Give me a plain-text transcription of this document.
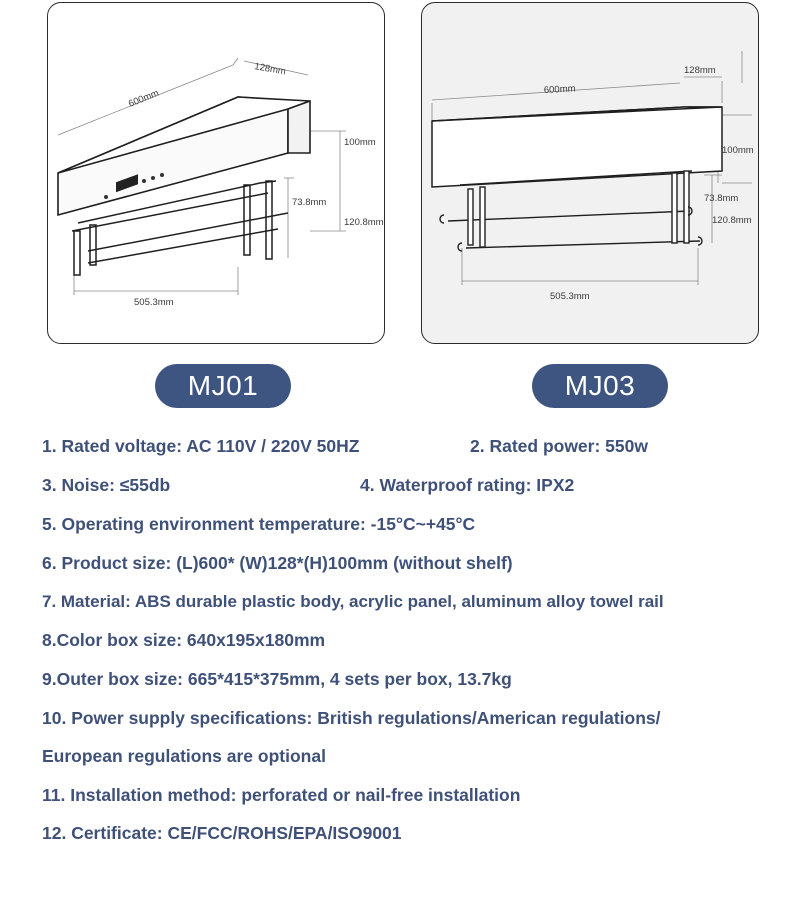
128mm
600mm
100mm
73.8mm
120.8mm
505.3mm
128mm
600mm
100mm
73.8mm
120.8mm
505.3mm
MJ01	MJ03
1. Rated voltage: AC 110V / 220V 50HZ	2. Rated power: 550w
3. Noise: ≤55db	4. Waterproof rating: IPX2
5. Operating environment temperature: -15°C~+45°C
6. Product size: (L)600* (W)128*(H)100mm (without shelf)
7. Material: ABS durable plastic body, acrylic panel, aluminum alloy towel rail
8.Color box size: 640x195x180mm
9.Outer box size: 665*415*375mm, 4 sets per box, 13.7kg
10. Power supply specifications: British regulations/American regulations/
European regulations are optional
11. Installation method: perforated or nail-free installation
12. Certificate: CE/FCC/ROHS/EPA/ISO9001
